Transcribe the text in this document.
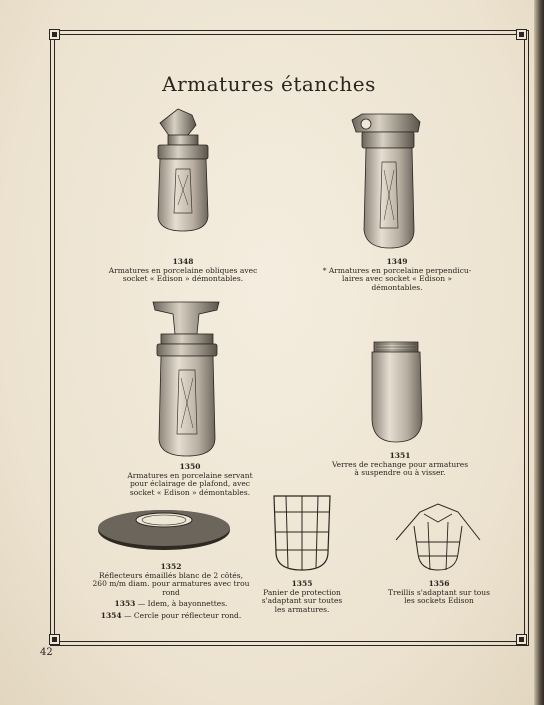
Armatures étanches
1348
Armatures en porcelaine obliques avec
socket « Edison » démontables.
1349
* Armatures en porcelaine perpendicu-
laires avec socket « Edison » démontables.
1350
Armatures en porcelaine servant
pour éclairage de plafond, avec
socket « Edison » démontables.
1351
Verres de rechange pour armatures
à suspendre ou à visser.
1352
Réflecteurs émaillés blanc de 2 côtés,
260 m/m diam. pour armatures avec trou rond
1353 — Idem, à bayonnettes.
1354 — Cercle pour réflecteur rond.
1355
Panier de protection
s'adaptant sur toutes
les armatures.
1356
Treillis s'adaptant sur tous
les sockets Edison
42
